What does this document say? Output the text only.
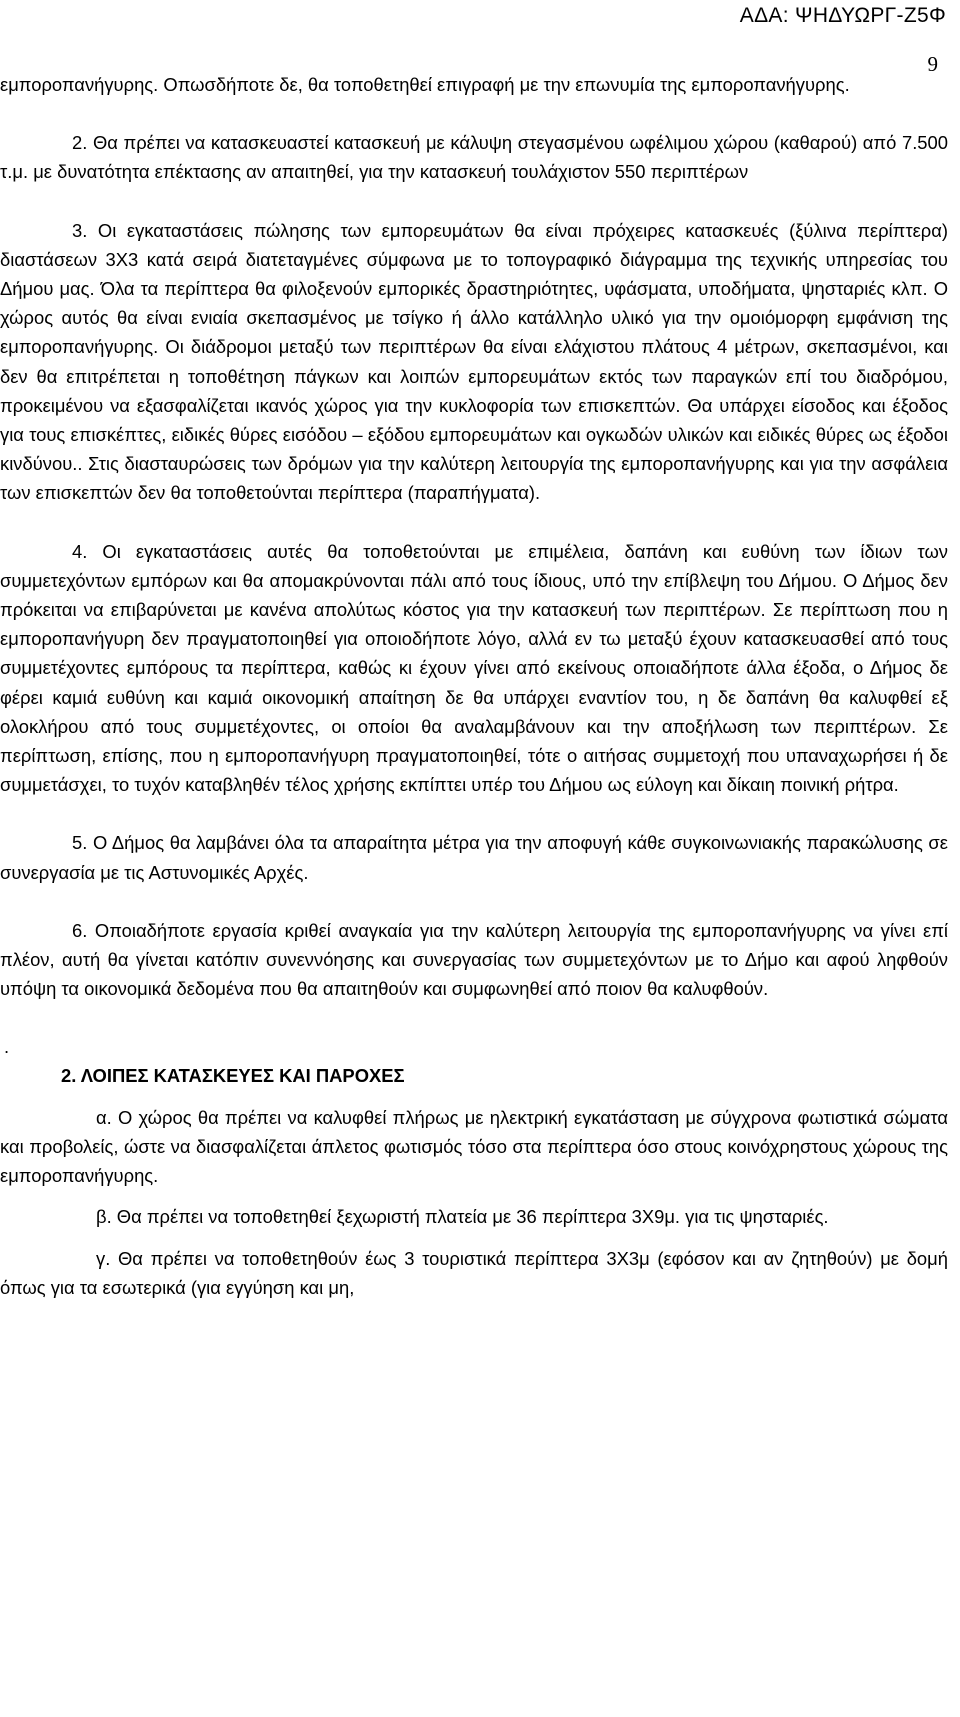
ΑΔΑ: ΨΗΔΥΩΡΓ-Ζ5Φ
9

εμποροπανήγυρης. Οπωσδήποτε δε, θα τοποθετηθεί επιγραφή με την επωνυμία της εμποροπανήγυρης.

2. Θα πρέπει να κατασκευαστεί κατασκευή με κάλυψη στεγασμένου ωφέλιμου χώρου (καθαρού) από 7.500 τ.μ. με δυνατότητα επέκτασης αν απαιτηθεί, για την κατασκευή τουλάχιστον 550 περιπτέρων

3. Οι εγκαταστάσεις πώλησης των εμπορευμάτων θα είναι πρόχειρες κατασκευές (ξύλινα περίπτερα) διαστάσεων 3Χ3 κατά σειρά διατεταγμένες σύμφωνα με το τοπογραφικό διάγραμμα της τεχνικής υπηρεσίας του Δήμου μας. Όλα τα περίπτερα θα φιλοξενούν εμπορικές δραστηριότητες, υφάσματα, υποδήματα, ψησταριές κλπ. Ο χώρος αυτός θα είναι ενιαία σκεπασμένος με τσίγκο ή άλλο κατάλληλο υλικό για την ομοιόμορφη εμφάνιση της εμποροπανήγυρης. Οι διάδρομοι μεταξύ των περιπτέρων θα είναι ελάχιστου πλάτους 4 μέτρων, σκεπασμένοι, και δεν θα επιτρέπεται η τοποθέτηση πάγκων και λοιπών εμπορευμάτων εκτός των παραγκών επί του διαδρόμου, προκειμένου να εξασφαλίζεται ικανός χώρος για την κυκλοφορία των επισκεπτών. Θα υπάρχει είσοδος και έξοδος για τους επισκέπτες, ειδικές θύρες εισόδου – εξόδου εμπορευμάτων και ογκωδών υλικών και ειδικές θύρες ως έξοδοι κινδύνου.. Στις διασταυρώσεις των δρόμων για την καλύτερη λειτουργία της εμποροπανήγυρης και για την ασφάλεια των επισκεπτών δεν θα τοποθετούνται περίπτερα (παραπήγματα).

4. Οι εγκαταστάσεις αυτές θα τοποθετούνται με επιμέλεια, δαπάνη και ευθύνη των ίδιων των συμμετεχόντων εμπόρων και θα απομακρύνονται πάλι από τους ίδιους, υπό την επίβλεψη του Δήμου. Ο Δήμος δεν πρόκειται να επιβαρύνεται με κανένα απολύτως κόστος για την κατασκευή των περιπτέρων. Σε περίπτωση που η εμποροπανήγυρη δεν πραγματοποιηθεί για οποιοδήποτε λόγο, αλλά εν τω μεταξύ έχουν κατασκευασθεί από τους συμμετέχοντες εμπόρους τα περίπτερα, καθώς κι έχουν γίνει από εκείνους οποιαδήποτε άλλα έξοδα, ο Δήμος δε φέρει καμιά ευθύνη και καμιά οικονομική απαίτηση δε θα υπάρχει εναντίον του, η δε δαπάνη θα καλυφθεί εξ ολοκλήρου από τους συμμετέχοντες, οι οποίοι θα αναλαμβάνουν και την αποξήλωση των περιπτέρων. Σε περίπτωση, επίσης, που η εμποροπανήγυρη πραγματοποιηθεί, τότε ο αιτήσας συμμετοχή που υπαναχωρήσει ή δε συμμετάσχει, το τυχόν καταβληθέν τέλος χρήσης εκπίπτει υπέρ του Δήμου ως εύλογη και δίκαιη ποινική ρήτρα.

5. Ο Δήμος θα λαμβάνει όλα τα απαραίτητα μέτρα για την αποφυγή κάθε συγκοινωνιακής παρακώλυσης σε συνεργασία με τις Αστυνομικές Αρχές.

6. Οποιαδήποτε εργασία κριθεί αναγκαία για την καλύτερη λειτουργία της εμποροπανήγυρης να γίνει επί πλέον, αυτή θα γίνεται κατόπιν συνεννόησης και συνεργασίας των συμμετεχόντων με το Δήμο και αφού ληφθούν υπόψη τα οικονομικά δεδομένα που θα απαιτηθούν και συμφωνηθεί από ποιον θα καλυφθούν.

.

2. ΛΟΙΠΕΣ ΚΑΤΑΣΚΕΥΕΣ ΚΑΙ ΠΑΡΟΧΕΣ

α. Ο χώρος θα πρέπει να καλυφθεί πλήρως με ηλεκτρική εγκατάσταση με σύγχρονα φωτιστικά σώματα και προβολείς, ώστε να διασφαλίζεται άπλετος φωτισμός τόσο στα περίπτερα όσο στους κοινόχρηστους χώρους της εμποροπανήγυρης.

β. Θα πρέπει να τοποθετηθεί ξεχωριστή πλατεία με 36 περίπτερα 3Χ9μ. για τις ψησταριές.

γ. Θα πρέπει να τοποθετηθούν έως 3 τουριστικά περίπτερα 3Χ3μ (εφόσον και αν ζητηθούν) με δομή όπως για τα εσωτερικά (για εγγύηση και μη,
